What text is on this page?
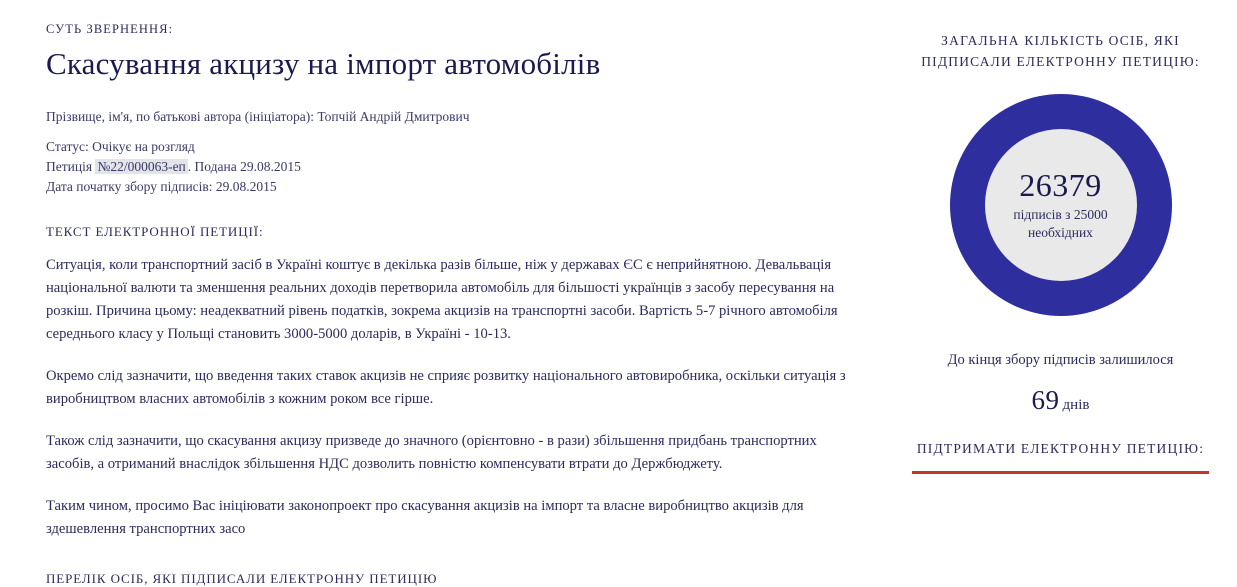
СУТЬ ЗВЕРНЕННЯ:
Скасування акцизу на імпорт автомобілів
Прізвище, ім'я, по батькові автора (ініціатора): Топчій Андрій Дмитрович
Статус: Очікує на розгляд
Петиція №22/000063-еп . Подана 29.08.2015
Дата початку збору підписів: 29.08.2015
ТЕКСТ ЕЛЕКТРОННОЇ ПЕТИЦІЇ:

Ситуація, коли транспортний засіб в Україні коштує в декілька разів більше, ніж у державах ЄС є неприйнятною. Девальвація національної валюти та зменшення реальних доходів перетворила автомобіль для більшості українців з засобу пересування на розкіш. Причина цьому: неадекватний рівень податків, зокрема акцизів на транспортні засоби. Вартість 5-7 річного автомобіля середнього класу у Польщі становить 3000-5000 доларів, в Україні - 10-13.

Окремо слід зазначити, що введення таких ставок акцизів не сприяє розвитку національного автовиробника, оскільки ситуація з виробництвом власних автомобілів з кожним роком все гірше.

Також слід зазначити, що скасування акцизу призведе до значного (орієнтовно - в рази) збільшення придбань транспортних засобів, а отриманий внаслідок збільшення НДС дозволить повністю компенсувати втрати до Держбюджету.

Таким чином, просимо Вас ініціювати законопроект про скасування акцизів на імпорт та власне виробництво акцизів для здешевлення транспортних засо

ПЕРЕЛІК ОСІБ, ЯКІ ПІДПИСАЛИ ЕЛЕКТРОННУ ПЕТИЦІЮ
ЗАГАЛЬНА КІЛЬКІСТЬ ОСІБ, ЯКІ ПІДПИСАЛИ ЕЛЕКТРОННУ ПЕТИЦІЮ:
26379
підписів з 25000 необхідних
До кінця збору підписів залишилося
69 днів
ПІДТРИМАТИ ЕЛЕКТРОННУ ПЕТИЦІЮ:
